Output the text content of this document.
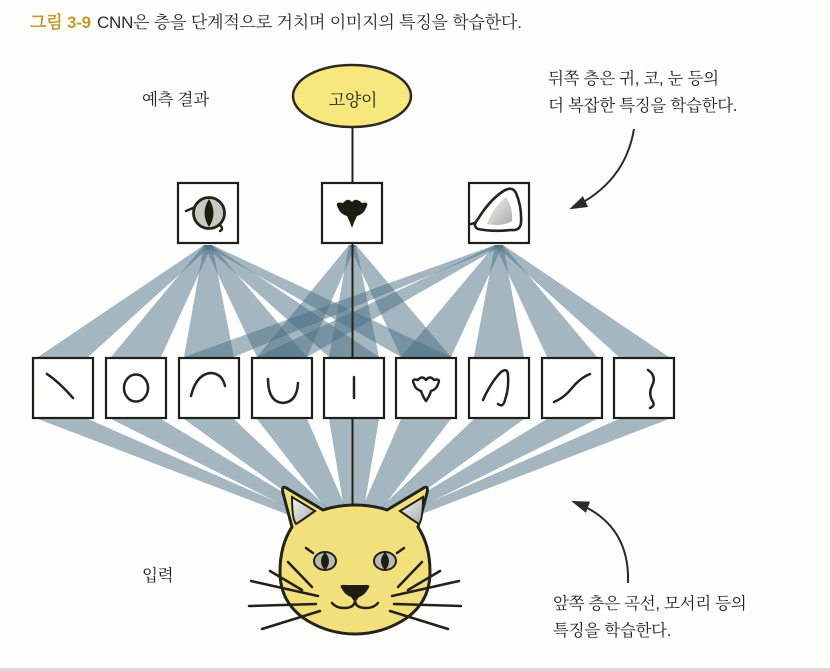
그림 3-9 CNN은 층을 단계적으로 거치며 이미지의 특징을 학습한다.
예측 결과	고양이
뒤쪽 층은 귀, 코, 눈 등의
더 복잡한 특징을 학습한다.
입력
앞쪽 층은 곡선, 모서리 등의
특징을 학습한다.
